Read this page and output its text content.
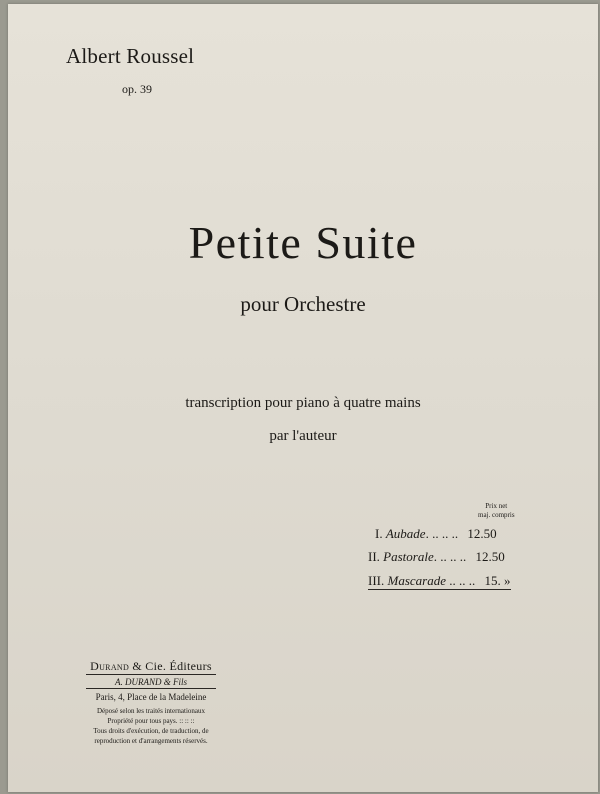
Albert Roussel
op. 39
Petite Suite
pour Orchestre
transcription pour piano à quatre mains
par l'auteur
Prix net
maj. compris
I. Aubade. .. .. .. 12.50
II. Pastorale. .. .. .. 12.50
III. Mascarade .. .. .. 15. »
Durand & Cie. Éditeurs
A. DURAND & Fils
Paris, 4, Place de la Madeleine
Déposé selon les traités internationaux
Propriété pour tous pays. :: :: ::
Tous droits d'exécution, de traduction, de
reproduction et d'arrangements réservés.
